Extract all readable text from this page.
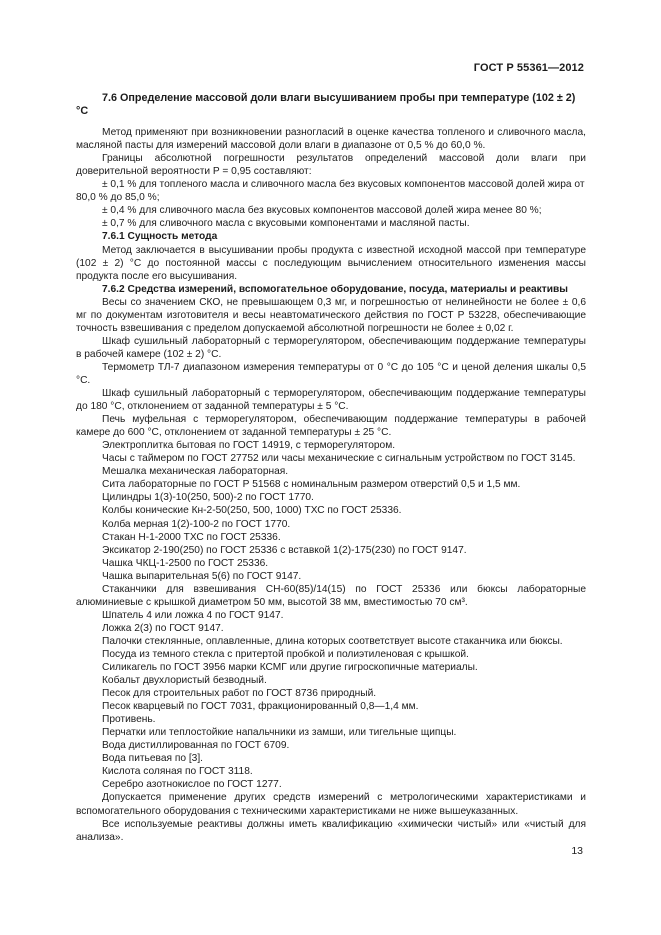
ГОСТ Р 55361—2012

7.6 Определение массовой доли влаги высушиванием пробы при температуре (102 ± 2) °С

Метод применяют при возникновении разногласий в оценке качества топленого и сливочного масла, масляной пасты для измерений массовой доли влаги в диапазоне от 0,5 % до 60,0 %.

Границы абсолютной погрешности результатов определений массовой доли влаги при доверительной вероятности P = 0,95 составляют:

± 0,1 % для топленого масла и сливочного масла без вкусовых компонентов массовой долей жира от 80,0 % до 85,0 %;

± 0,4 % для сливочного масла без вкусовых компонентов массовой долей жира менее 80 %;

± 0,7 % для сливочного масла с вкусовыми компонентами и масляной пасты.

7.6.1 Сущность метода

Метод заключается в высушивании пробы продукта с известной исходной массой при температуре (102 ± 2) °С до постоянной массы с последующим вычислением относительного изменения массы продукта после его высушивания.

7.6.2 Средства измерений, вспомогательное оборудование, посуда, материалы и реактивы

Весы со значением СКО, не превышающем 0,3 мг, и погрешностью от нелинейности не более ± 0,6 мг по документам изготовителя и весы неавтоматического действия по ГОСТ Р 53228, обеспечивающие точность взвешивания с пределом допускаемой абсолютной погрешности не более ± 0,02 г.

Шкаф сушильный лабораторный с терморегулятором, обеспечивающим поддержание температуры в рабочей камере (102 ± 2) °С.

Термометр ТЛ-7 диапазоном измерения температуры от 0 °С до 105 °С и ценой деления шкалы 0,5 °С.

Шкаф сушильный лабораторный с терморегулятором, обеспечивающим поддержание температуры до 180 °С, отклонением от заданной температуры ± 5 °С.

Печь муфельная с терморегулятором, обеспечивающим поддержание температуры в рабочей камере до 600 °С, отклонением от заданной температуры ± 25 °С.

Электроплитка бытовая по ГОСТ 14919, с терморегулятором.

Часы с таймером по ГОСТ 27752 или часы механические с сигнальным устройством по ГОСТ 3145.

Мешалка механическая лабораторная.

Сита лабораторные по ГОСТ Р 51568 с номинальным размером отверстий 0,5 и 1,5 мм.

Цилиндры 1(3)-10(250, 500)-2 по ГОСТ 1770.

Колбы конические Кн-2-50(250, 500, 1000) ТХС по ГОСТ 25336.

Колба мерная 1(2)-100-2 по ГОСТ 1770.

Стакан Н-1-2000 ТХС по ГОСТ 25336.

Эксикатор 2-190(250) по ГОСТ 25336 с вставкой 1(2)-175(230) по ГОСТ 9147.

Чашка ЧКЦ-1-2500 по ГОСТ 25336.

Чашка выпарительная 5(6) по ГОСТ 9147.

Стаканчики для взвешивания СН-60(85)/14(15) по ГОСТ 25336 или бюксы лабораторные алюминиевые с крышкой диаметром 50 мм, высотой 38 мм, вместимостью 70 см³.

Шпатель 4 или ложка 4 по ГОСТ 9147.

Ложка 2(3) по ГОСТ 9147.

Палочки стеклянные, оплавленные, длина которых соответствует высоте стаканчика или бюксы.

Посуда из темного стекла с притертой пробкой и полиэтиленовая с крышкой.

Силикагель по ГОСТ 3956 марки КСМГ или другие гигроскопичные материалы.

Кобальт двухлористый безводный.

Песок для строительных работ по ГОСТ 8736 природный.

Песок кварцевый по ГОСТ 7031, фракционированный 0,8—1,4 мм.

Противень.

Перчатки или теплостойкие напальчники из замши, или тигельные щипцы.

Вода дистиллированная по ГОСТ 6709.

Вода питьевая по [3].

Кислота соляная по ГОСТ 3118.

Серебро азотнокислое по ГОСТ 1277.

Допускается применение других средств измерений с метрологическими характеристиками и вспомогательного оборудования с техническими характеристиками не ниже вышеуказанных.

Все используемые реактивы должны иметь квалификацию «химически чистый» или «чистый для анализа».

13
